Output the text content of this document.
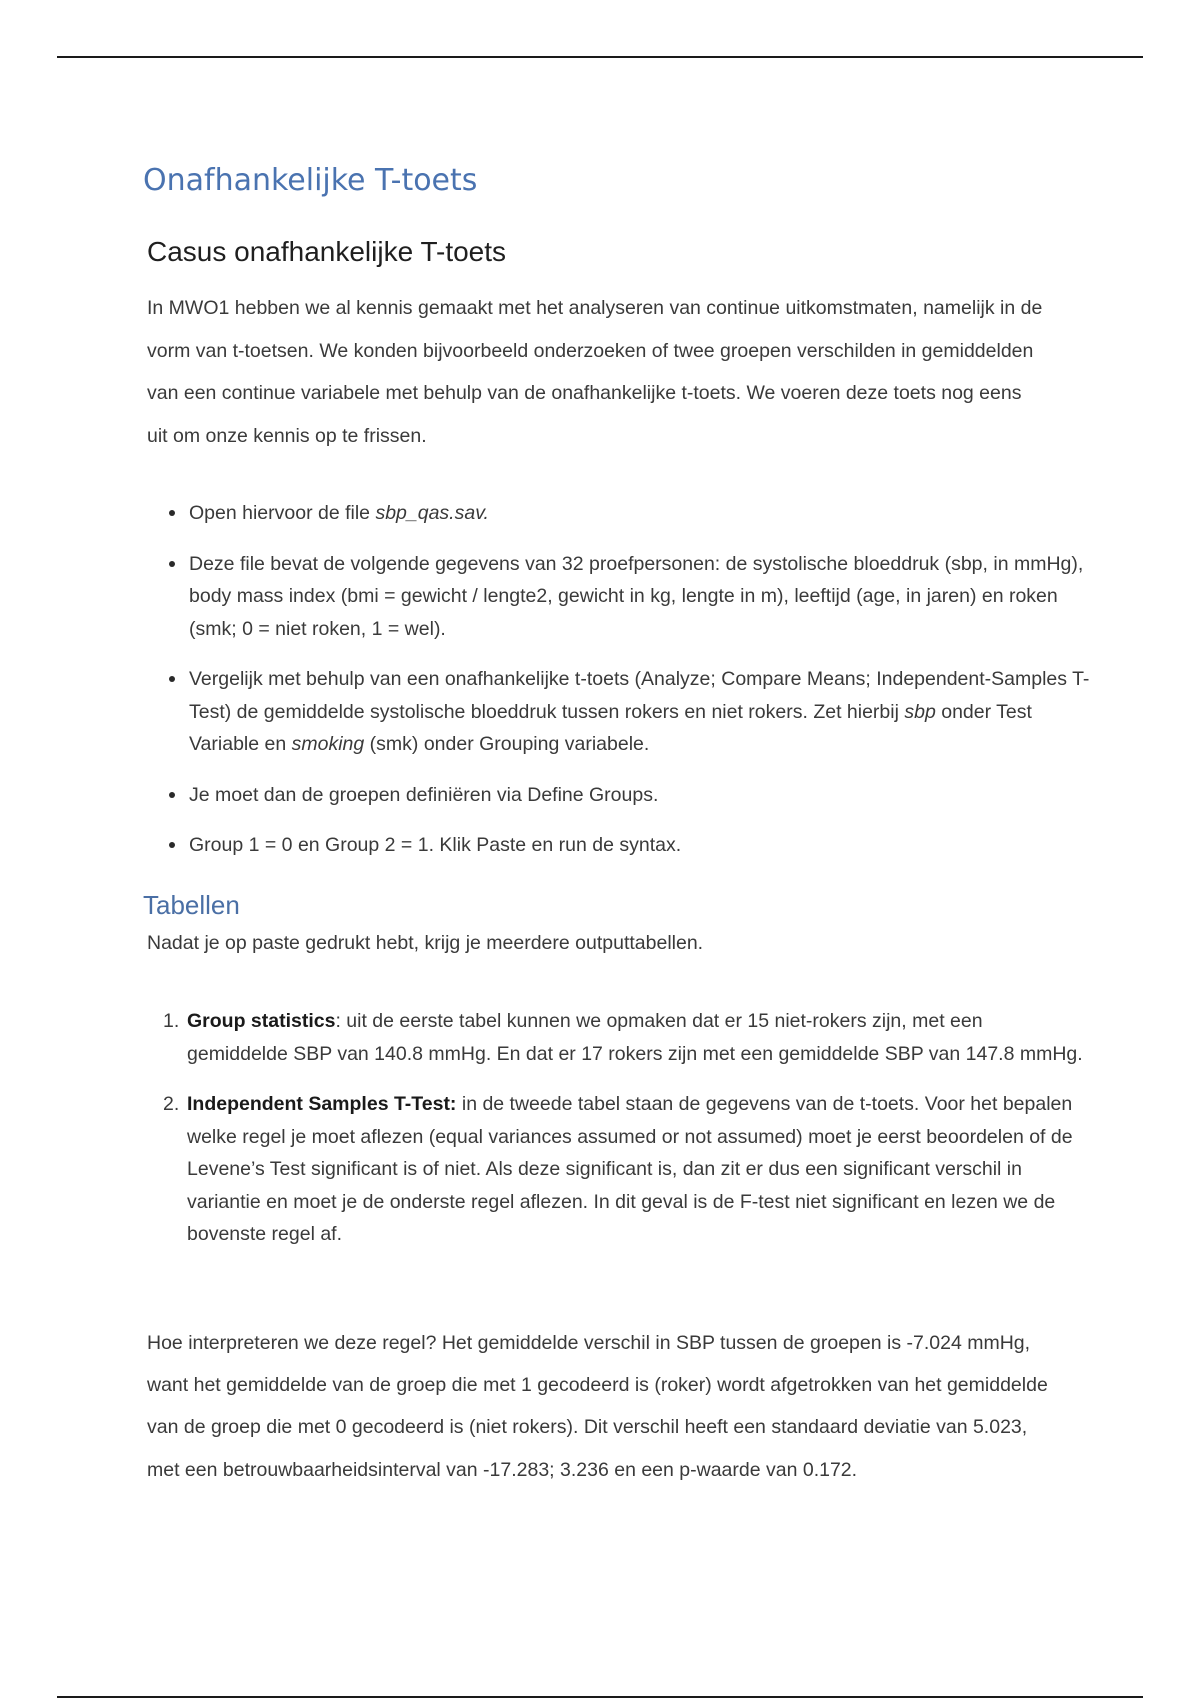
Onafhankelijke T-toets
Casus onafhankelijke T-toets

In MWO1 hebben we al kennis gemaakt met het analyseren van continue uitkomstmaten, namelijk in de vorm van t-toetsen. We konden bijvoorbeeld onderzoeken of twee groepen verschilden in gemiddelden van een continue variabele met behulp van de onafhankelijke t-toets. We voeren deze toets nog eens uit om onze kennis op te frissen.

Open hiervoor de file sbp_qas.sav.
Deze file bevat de volgende gegevens van 32 proefpersonen: de systolische bloeddruk (sbp, in mmHg), body mass index (bmi = gewicht / lengte2, gewicht in kg, lengte in m), leeftijd (age, in jaren) en roken (smk; 0 = niet roken, 1 = wel).
Vergelijk met behulp van een onafhankelijke t-toets (Analyze; Compare Means; Independent-Samples T-Test) de gemiddelde systolische bloeddruk tussen rokers en niet rokers. Zet hierbij sbp onder Test Variable en smoking (smk) onder Grouping variabele.
Je moet dan de groepen definiëren via Define Groups.
Group 1 = 0 en Group 2 = 1. Klik Paste en run de syntax.
Tabellen

Nadat je op paste gedrukt hebt, krijg je meerdere outputtabellen.

1. Group statistics: uit de eerste tabel kunnen we opmaken dat er 15 niet-rokers zijn, met een gemiddelde SBP van 140.8 mmHg. En dat er 17 rokers zijn met een gemiddelde SBP van 147.8 mmHg.
2. Independent Samples T-Test: in de tweede tabel staan de gegevens van de t-toets. Voor het bepalen welke regel je moet aflezen (equal variances assumed or not assumed) moet je eerst beoordelen of de Levene’s Test significant is of niet. Als deze significant is, dan zit er dus een significant verschil in variantie en moet je de onderste regel aflezen. In dit geval is de F-test niet significant en lezen we de bovenste regel af.

Hoe interpreteren we deze regel? Het gemiddelde verschil in SBP tussen de groepen is -7.024 mmHg, want het gemiddelde van de groep die met 1 gecodeerd is (roker) wordt afgetrokken van het gemiddelde van de groep die met 0 gecodeerd is (niet rokers). Dit verschil heeft een standaard deviatie van 5.023, met een betrouwbaarheidsinterval van -17.283; 3.236 en een p-waarde van 0.172.
